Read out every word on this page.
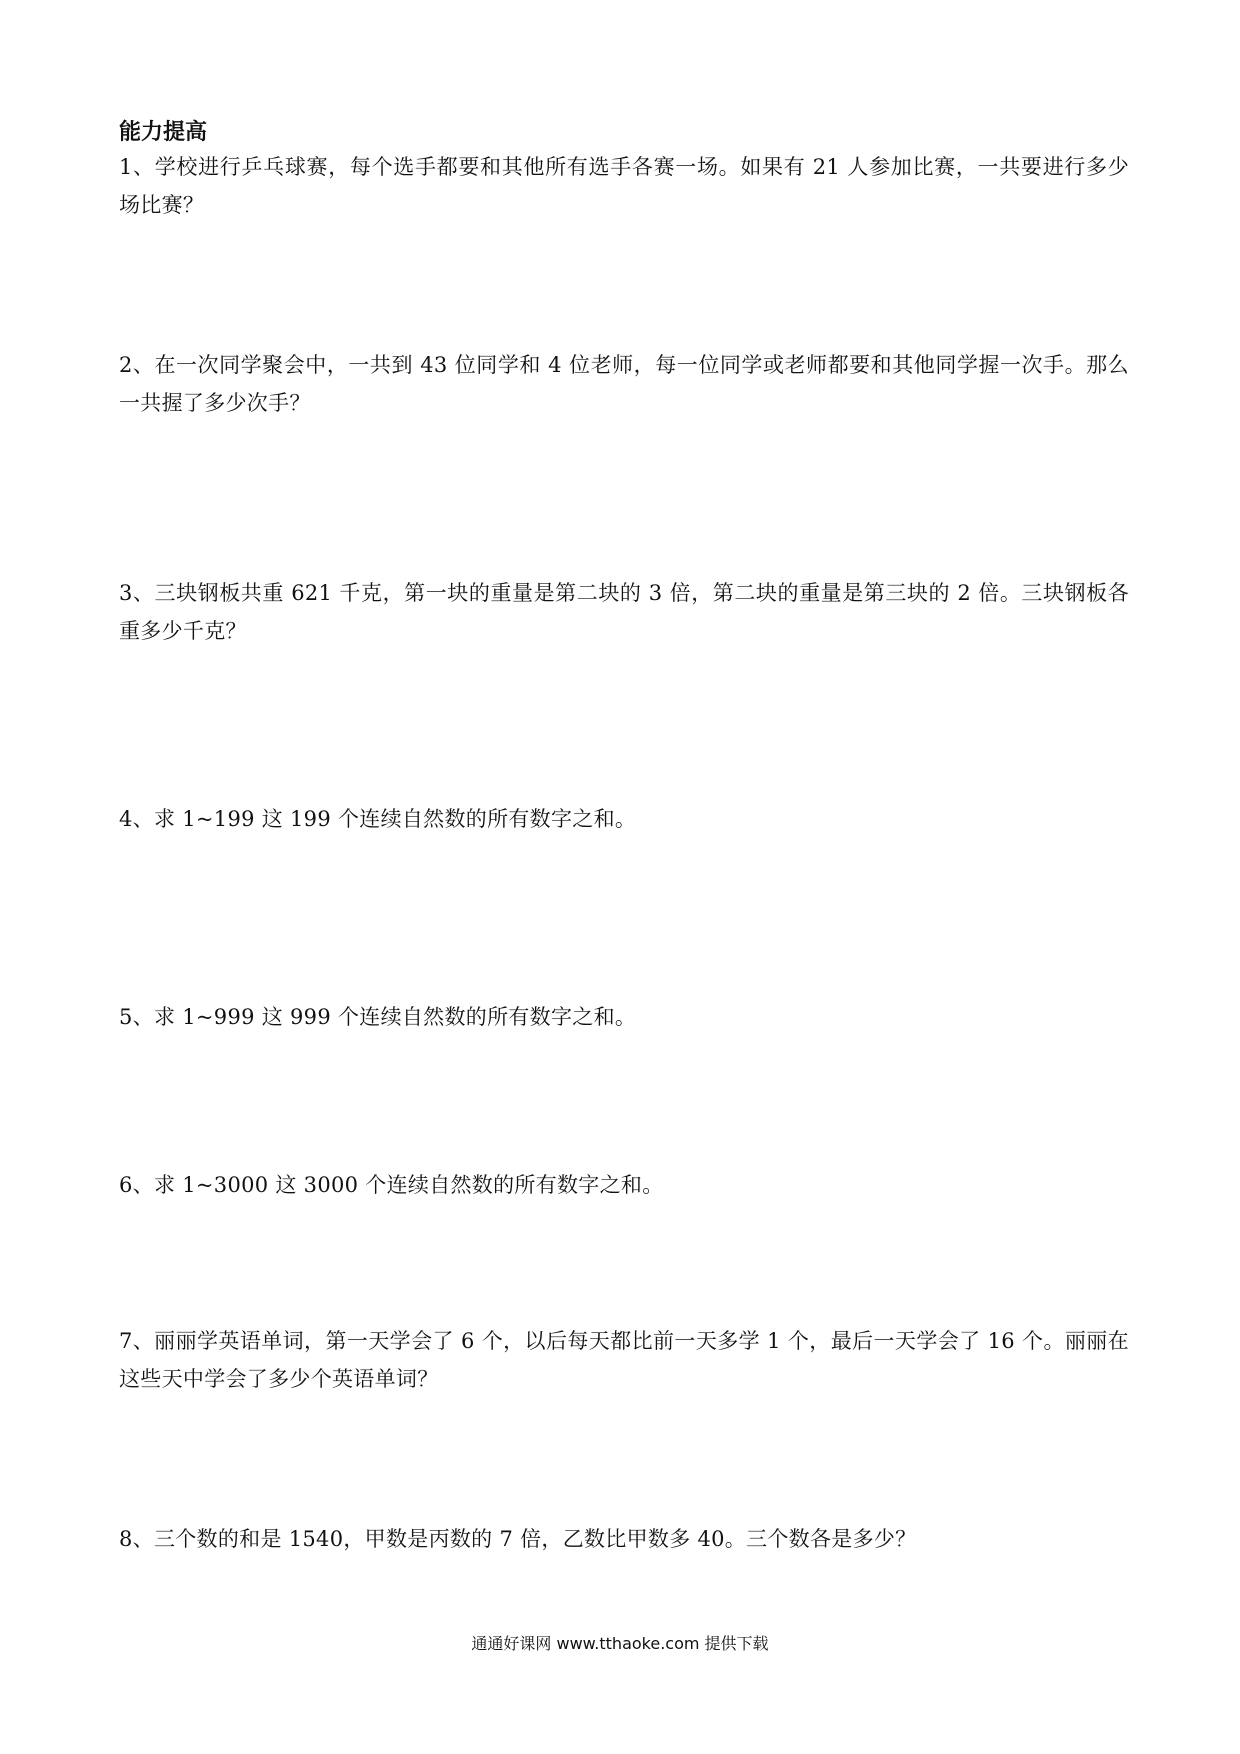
能力提高

1、学校进行乒乓球赛，每个选手都要和其他所有选手各赛一场。如果有 21 人参加比赛，一共要进行多少场比赛？

2、在一次同学聚会中，一共到 43 位同学和 4 位老师，每一位同学或老师都要和其他同学握一次手。那么一共握了多少次手？

3、三块钢板共重 621 千克，第一块的重量是第二块的 3 倍，第二块的重量是第三块的 2 倍。三块钢板各重多少千克？

4、求 1~199 这 199 个连续自然数的所有数字之和。

5、求 1~999 这 999 个连续自然数的所有数字之和。

6、求 1~3000 这 3000 个连续自然数的所有数字之和。

7、丽丽学英语单词，第一天学会了 6 个，以后每天都比前一天多学 1 个，最后一天学会了 16 个。丽丽在这些天中学会了多少个英语单词？

8、三个数的和是 1540，甲数是丙数的 7 倍，乙数比甲数多 40。三个数各是多少？

通通好课网 www.tthaoke.com 提供下载
